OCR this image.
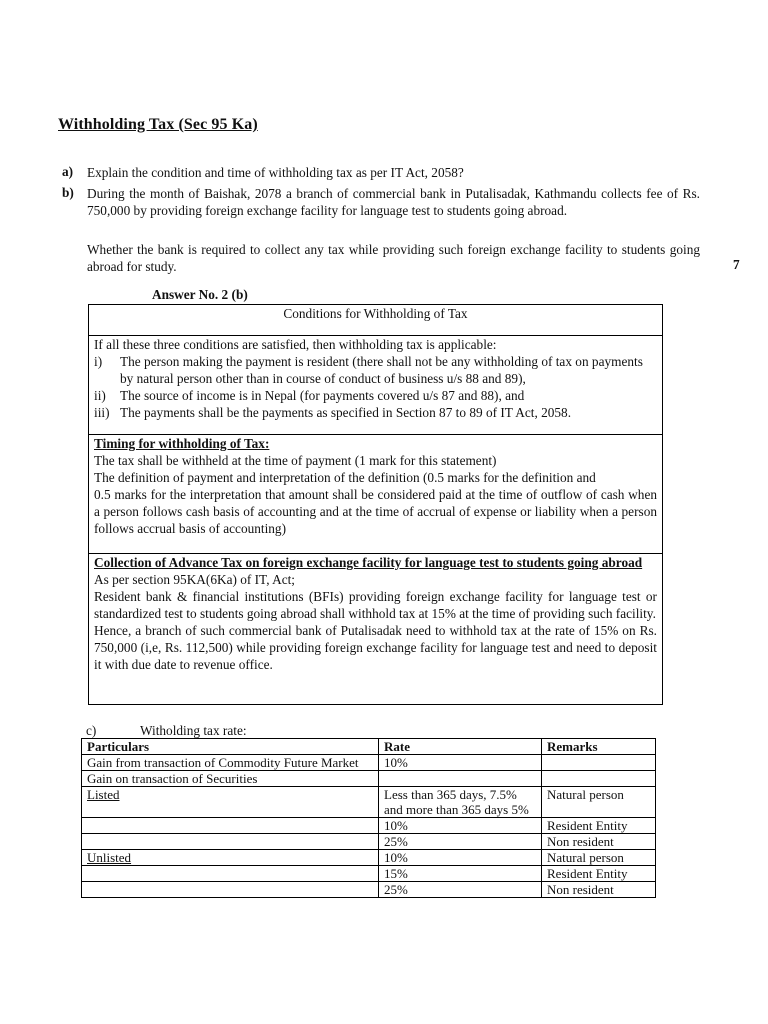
Withholding Tax (Sec 95 Ka)
a)	Explain the condition and time of withholding tax as per IT Act, 2058?
b) During the month of Baishak, 2078 a branch of commercial bank in Putalisadak, Kathmandu collects fee of Rs. 750,000 by providing foreign exchange facility for language test to students going abroad.
Whether the bank is required to collect any tax while providing such foreign exchange facility to students going abroad for study.	7
Answer No. 2 (b)
Conditions for Withholding of Tax
If all these three conditions are satisfied, then withholding tax is applicable:
i)	The person making the payment is resident (there shall not be any withholding of tax on payments by natural person other than in course of conduct of business u/s 88 and 89),
ii)	The source of income is in Nepal (for payments covered u/s 87 and 88), and
iii) The payments shall be the payments as specified in Section 87 to 89 of IT Act, 2058.
Timing for withholding of Tax:
The tax shall be withheld at the time of payment (1 mark for this statement)
The definition of payment and interpretation of the definition (0.5 marks for the definition and
0.5 marks for the interpretation that amount shall be considered paid at the time of outflow of cash when a person follows cash basis of accounting and at the time of accrual of expense or liability when a person follows accrual basis of accounting)
Collection of Advance Tax on foreign exchange facility for language test to students going abroad
As per section 95KA(6Ka) of IT, Act;
Resident bank & financial institutions (BFIs) providing foreign exchange facility for language test or standardized test to students going abroad shall withhold tax at 15% at the time of providing such facility.
Hence, a branch of such commercial bank of Putalisadak need to withhold tax at the rate of 15% on Rs. 750,000 (i,e, Rs. 112,500) while providing foreign exchange facility for language test and need to deposit it with due date to revenue office.
c)	Witholding tax rate:
Particulars	Rate	Remarks
Gain from transaction of Commodity Future Market	10%	
Gain on transaction of Securities		
Listed	Less than 365 days, 7.5% and more than 365 days 5%	Natural person
	10%	Resident Entity
	25%	Non resident
Unlisted	10%	Natural person
	15%	Resident Entity
	25%	Non resident
